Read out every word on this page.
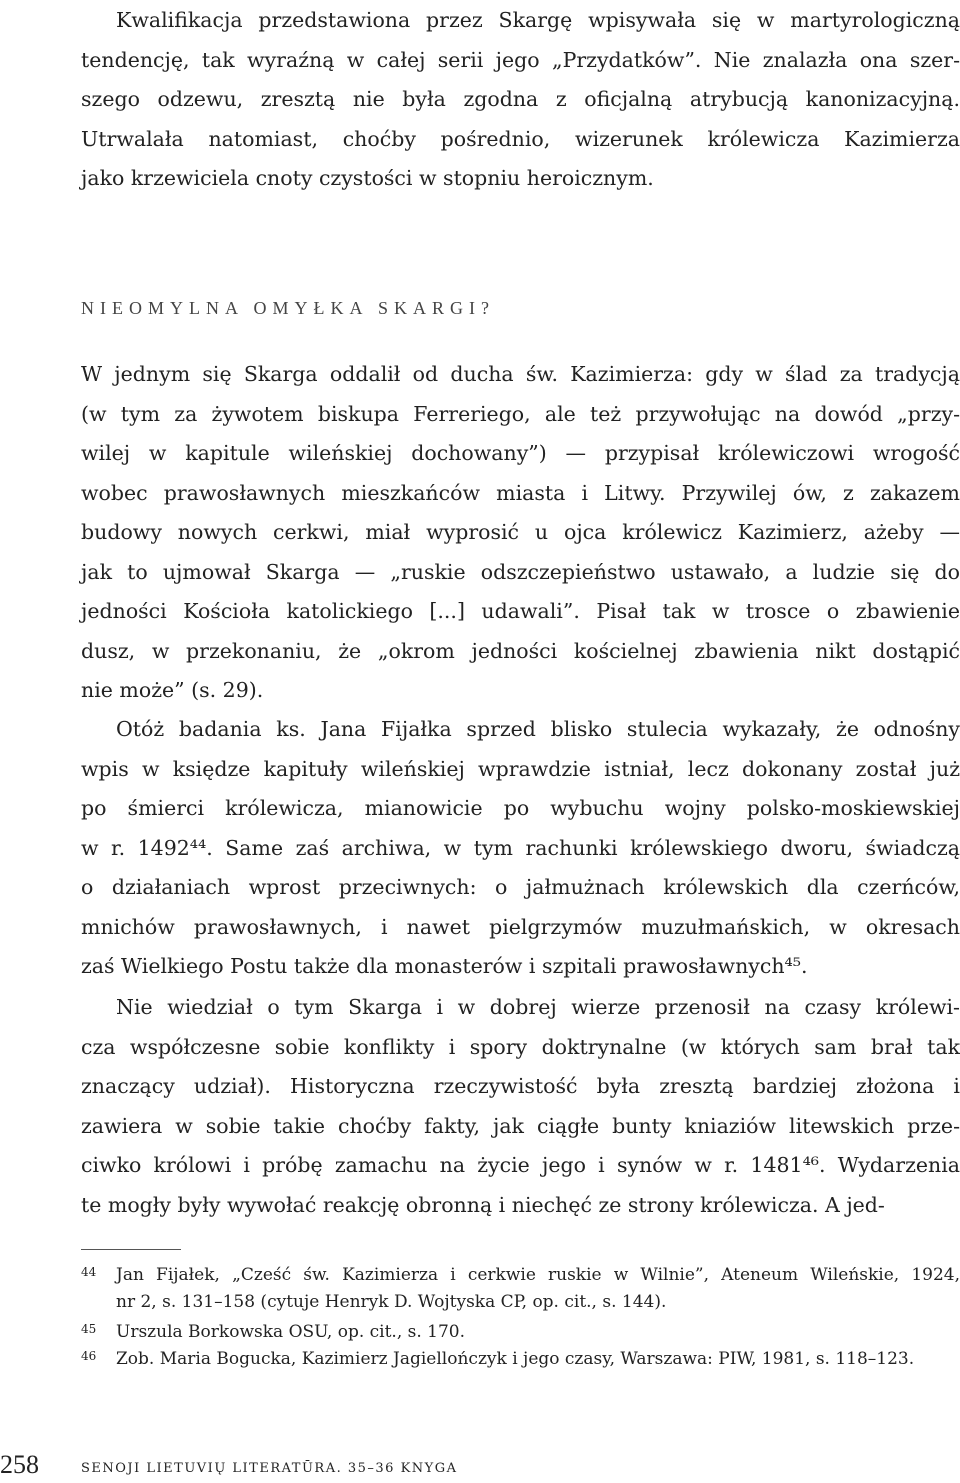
Kwalifikacja przedstawiona przez Skargę wpisywała się w martyrologiczną
tendencję, tak wyraźną w całej serii jego „Przydatków”. Nie znalazła ona szer-
szego odzewu, zresztą nie była zgodna z oficjalną atrybucją kanonizacyjną.
Utrwalała natomiast, choćby pośrednio, wizerunek królewicza Kazimierza
jako krzewiciela cnoty czystości w stopniu heroicznym.
NIEOMYLNA OMYŁKA SKARGI?
W jednym się Skarga oddalił od ducha św. Kazimierza: gdy w ślad za tradycją
(w tym za żywotem biskupa Ferreriego, ale też przywołując na dowód „przy-
wilej w kapitule wileńskiej dochowany”) — przypisał królewiczowi wrogość
wobec prawosławnych mieszkańców miasta i Litwy. Przywilej ów, z zakazem
budowy nowych cerkwi, miał wyprosić u ojca królewicz Kazimierz, ażeby —
jak to ujmował Skarga — „ruskie odszczepieństwo ustawało, a ludzie się do
jedności Kościoła katolickiego [...] udawali”. Pisał tak w trosce o zbawienie
dusz, w przekonaniu, że „okrom jedności kościelnej zbawienia nikt dostąpić
nie może” (s. 29).
Otóż badania ks. Jana Fijałka sprzed blisko stulecia wykazały, że odnośny
wpis w księdze kapituły wileńskiej wprawdzie istniał, lecz dokonany został już
po śmierci królewicza, mianowicie po wybuchu wojny polsko-moskiewskiej
w r. 1492⁴⁴. Same zaś archiwa, w tym rachunki królewskiego dworu, świadczą
o działaniach wprost przeciwnych: o jałmużnach królewskich dla czerńców,
mnichów prawosławnych, i nawet pielgrzymów muzułmańskich, w okresach
zaś Wielkiego Postu także dla monasterów i szpitali prawosławnych⁴⁵.
Nie wiedział o tym Skarga i w dobrej wierze przenosił na czasy królewi-
cza współczesne sobie konflikty i spory doktrynalne (w których sam brał tak
znaczący udział). Historyczna rzeczywistość była zresztą bardziej złożona i
zawiera w sobie takie choćby fakty, jak ciągłe bunty kniaziów litewskich prze-
ciwko królowi i próbę zamachu na życie jego i synów w r. 1481⁴⁶. Wydarzenia
te mogły były wywołać reakcję obronną i niechęć ze strony królewicza. A jed-
44 Jan Fijałek, „Cześć św. Kazimierza i cerkwie ruskie w Wilnie”, Ateneum Wileńskie, 1924,
nr 2, s. 131–158 (cytuje Henryk D. Wojtyska CP, op. cit., s. 144).
45 Urszula Borkowska OSU, op. cit., s. 170.
46 Zob. Maria Bogucka, Kazimierz Jagiellończyk i jego czasy, Warszawa: PIW, 1981, s. 118–123.
258	SENOJI LIETUVIŲ LITERATŪRA. 35–36 KNYGA
